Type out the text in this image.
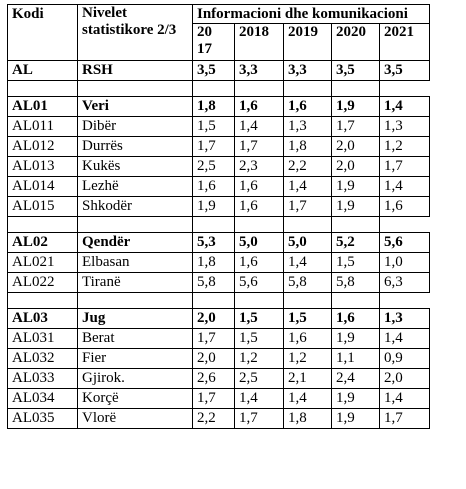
Kodi	Nivelet statistikore 2/3	Informacioni dhe komunikacioni				
		20 17	2018	2019	2020	2021
AL	RSH	3,5	3,3	3,3	3,5	3,5

AL01	Veri	1,8	1,6	1,6	1,9	1,4
AL011	Dibër	1,5	1,4	1,3	1,7	1,3
AL012	Durrës	1,7	1,7	1,8	2,0	1,2
AL013	Kukës	2,5	2,3	2,2	2,0	1,7
AL014	Lezhë	1,6	1,6	1,4	1,9	1,4
AL015	Shkodër	1,9	1,6	1,7	1,9	1,6

AL02	Qendër	5,3	5,0	5,0	5,2	5,6
AL021	Elbasan	1,8	1,6	1,4	1,5	1,0
AL022	Tiranë	5,8	5,6	5,8	5,8	6,3

AL03	Jug	2,0	1,5	1,5	1,6	1,3
AL031	Berat	1,7	1,5	1,6	1,9	1,4
AL032	Fier	2,0	1,2	1,2	1,1	0,9
AL033	Gjirok.	2,6	2,5	2,1	2,4	2,0
AL034	Korçë	1,7	1,4	1,4	1,9	1,4
AL035	Vlorë	2,2	1,7	1,8	1,9	1,7
